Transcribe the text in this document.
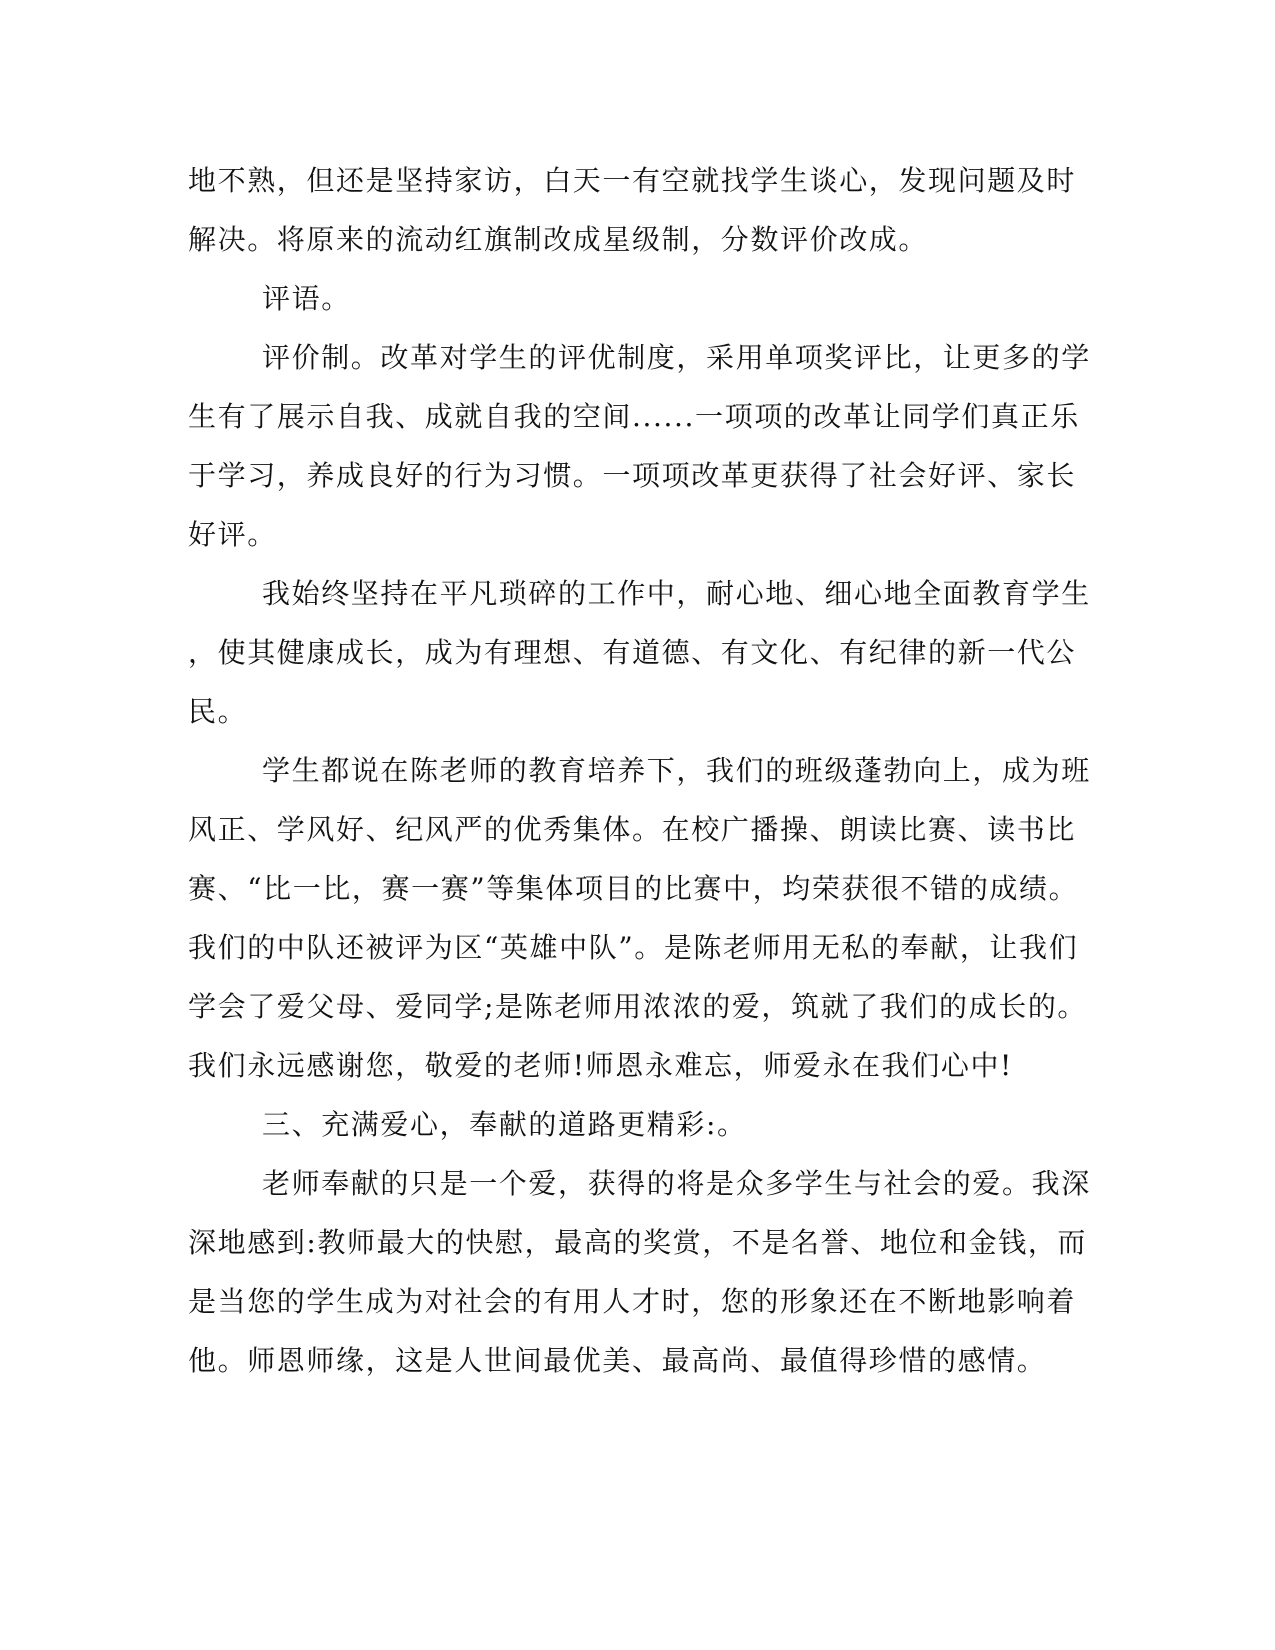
地不熟，但还是坚持家访，白天一有空就找学生谈心，发现问题及时
解决。将原来的流动红旗制改成星级制，分数评价改成。
评语。
评价制。改革对学生的评优制度，采用单项奖评比，让更多的学
生有了展示自我、成就自我的空间......一项项的改革让同学们真正乐
于学习，养成良好的行为习惯。一项项改革更获得了社会好评、家长
好评。
我始终坚持在平凡琐碎的工作中，耐心地、细心地全面教育学生
，使其健康成长，成为有理想、有道德、有文化、有纪律的新一代公
民。
学生都说在陈老师的教育培养下，我们的班级蓬勃向上，成为班
风正、学风好、纪风严的优秀集体。在校广播操、朗读比赛、读书比
赛、“比一比，赛一赛”等集体项目的比赛中，均荣获很不错的成绩。
我们的中队还被评为区“英雄中队”。是陈老师用无私的奉献，让我们
学会了爱父母、爱同学;是陈老师用浓浓的爱，筑就了我们的成长的。
我们永远感谢您，敬爱的老师!师恩永难忘，师爱永在我们心中!
三、充满爱心，奉献的道路更精彩:。
老师奉献的只是一个爱，获得的将是众多学生与社会的爱。我深
深地感到:教师最大的快慰，最高的奖赏，不是名誉、地位和金钱，而
是当您的学生成为对社会的有用人才时，您的形象还在不断地影响着
他。师恩师缘，这是人世间最优美、最高尚、最值得珍惜的感情。
